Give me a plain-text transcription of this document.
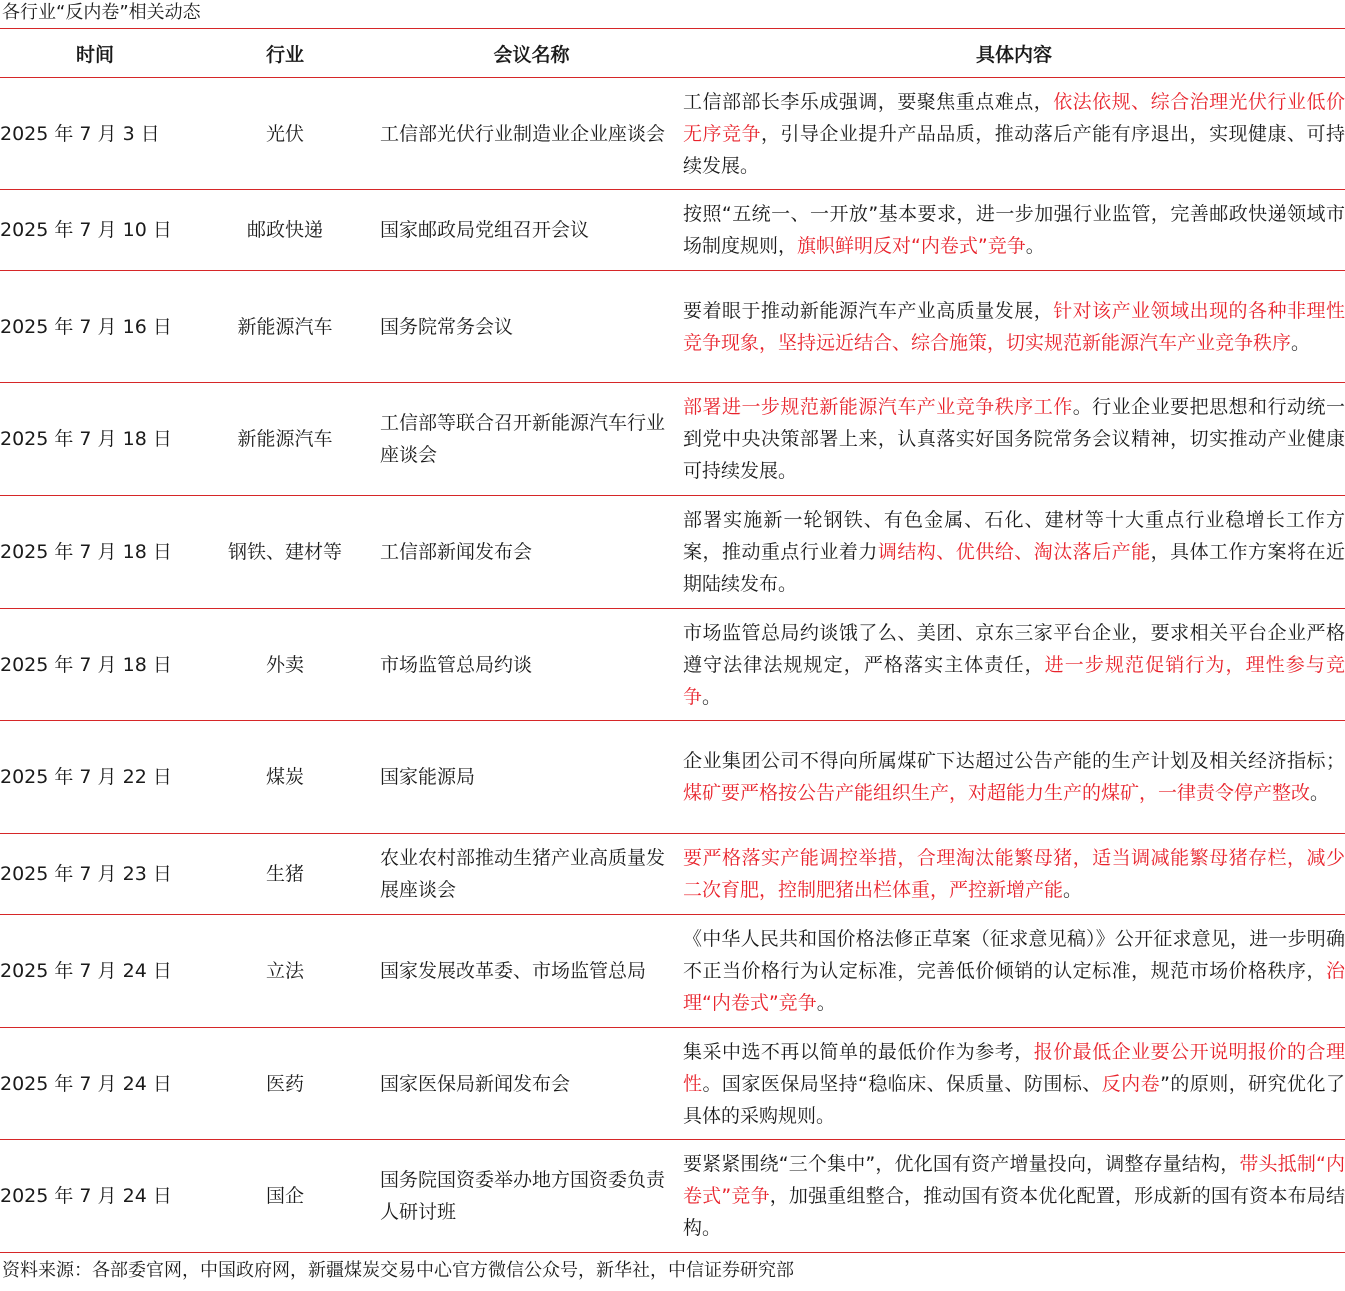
各行业“反内卷”相关动态
时间	行业	会议名称	具体内容
2025 年 7 月 3 日	光伏	工信部光伏行业制造业企业座谈会	工信部部长李乐成强调，要聚焦重点难点，依法依规、综合治理光伏行业低价无序竞争，引导企业提升产品品质，推动落后产能有序退出，实现健康、可持续发展。
2025 年 7 月 10 日	邮政快递	国家邮政局党组召开会议	按照“五统一、一开放”基本要求，进一步加强行业监管，完善邮政快递领域市场制度规则，旗帜鲜明反对“内卷式”竞争。
2025 年 7 月 16 日	新能源汽车	国务院常务会议	要着眼于推动新能源汽车产业高质量发展，针对该产业领域出现的各种非理性竞争现象，坚持远近结合、综合施策，切实规范新能源汽车产业竞争秩序。
2025 年 7 月 18 日	新能源汽车	工信部等联合召开新能源汽车行业座谈会	部署进一步规范新能源汽车产业竞争秩序工作。行业企业要把思想和行动统一到党中央决策部署上来，认真落实好国务院常务会议精神，切实推动产业健康可持续发展。
2025 年 7 月 18 日	钢铁、建材等	工信部新闻发布会	部署实施新一轮钢铁、有色金属、石化、建材等十大重点行业稳增长工作方案，推动重点行业着力调结构、优供给、淘汰落后产能，具体工作方案将在近期陆续发布。
2025 年 7 月 18 日	外卖	市场监管总局约谈	市场监管总局约谈饿了么、美团、京东三家平台企业，要求相关平台企业严格遵守法律法规规定，严格落实主体责任，进一步规范促销行为，理性参与竞争。
2025 年 7 月 22 日	煤炭	国家能源局	企业集团公司不得向所属煤矿下达超过公告产能的生产计划及相关经济指标；煤矿要严格按公告产能组织生产，对超能力生产的煤矿，一律责令停产整改。
2025 年 7 月 23 日	生猪	农业农村部推动生猪产业高质量发展座谈会	要严格落实产能调控举措，合理淘汰能繁母猪，适当调减能繁母猪存栏，减少二次育肥，控制肥猪出栏体重，严控新增产能。
2025 年 7 月 24 日	立法	国家发展改革委、市场监管总局	《中华人民共和国价格法修正草案（征求意见稿）》公开征求意见，进一步明确不正当价格行为认定标准，完善低价倾销的认定标准，规范市场价格秩序，治理“内卷式”竞争。
2025 年 7 月 24 日	医药	国家医保局新闻发布会	集采中选不再以简单的最低价作为参考，报价最低企业要公开说明报价的合理性。国家医保局坚持“稳临床、保质量、防围标、反内卷”的原则，研究优化了具体的采购规则。
2025 年 7 月 24 日	国企	国务院国资委举办地方国资委负责人研讨班	要紧紧围绕“三个集中”，优化国有资产增量投向，调整存量结构，带头抵制“内卷式”竞争，加强重组整合，推动国有资本优化配置，形成新的国有资本布局结构。
资料来源：各部委官网，中国政府网，新疆煤炭交易中心官方微信公众号，新华社，中信证券研究部
